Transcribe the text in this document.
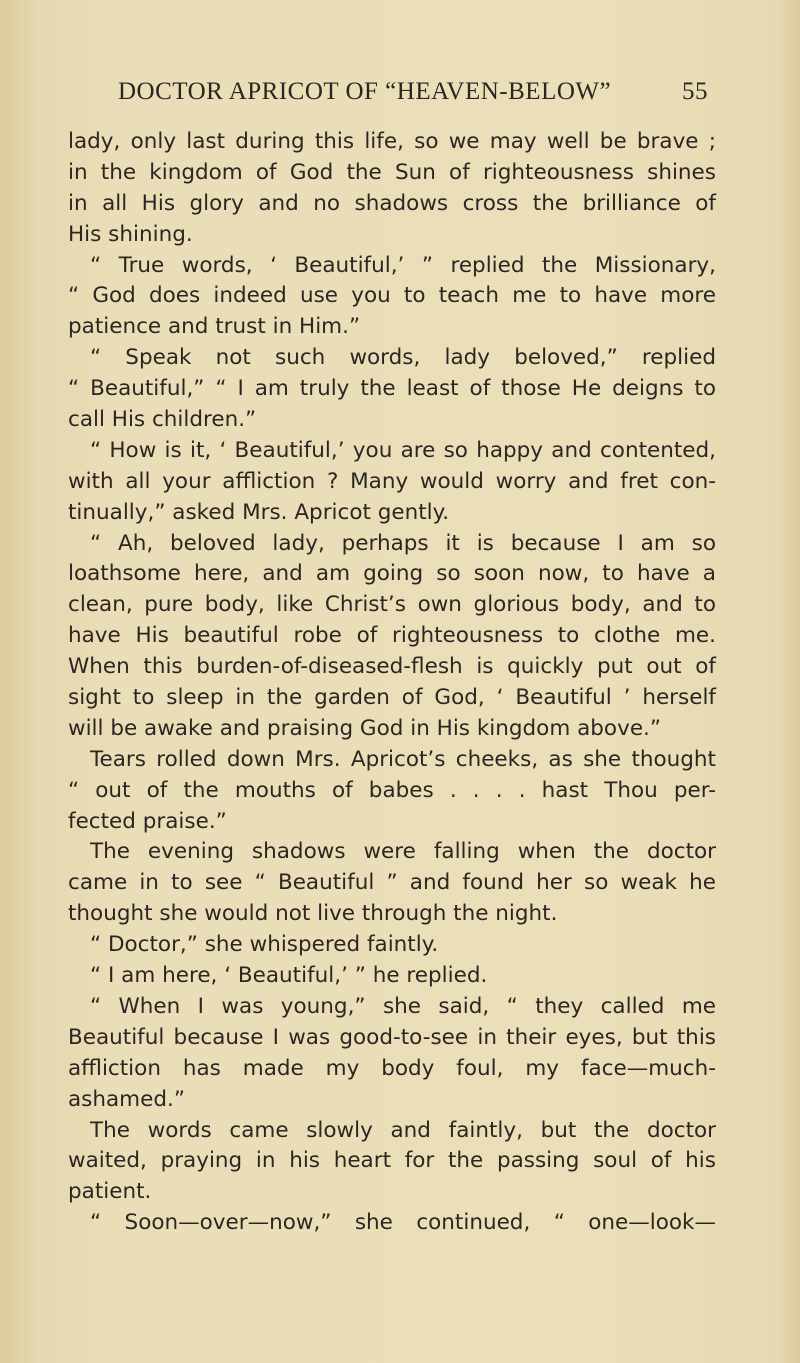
DOCTOR APRICOT OF “HEAVEN-BELOW”	55
lady, only last during this life, so we may well be brave ;
in the kingdom of God the Sun of righteousness shines
in all His glory and no shadows cross the brilliance of
His shining.
“ True words, ‘ Beautiful,’ ” replied the Missionary,
“ God does indeed use you to teach me to have more
patience and trust in Him.”
“ Speak not such words, lady beloved,” replied
“ Beautiful,” “ I am truly the least of those He deigns to
call His children.”
“ How is it, ‘ Beautiful,’ you are so happy and contented,
with all your affliction ? Many would worry and fret con-
tinually,” asked Mrs. Apricot gently.
“ Ah, beloved lady, perhaps it is because I am so
loathsome here, and am going so soon now, to have a
clean, pure body, like Christ’s own glorious body, and to
have His beautiful robe of righteousness to clothe me.
When this burden-of-diseased-flesh is quickly put out of
sight to sleep in the garden of God, ‘ Beautiful ’ herself
will be awake and praising God in His kingdom above.”
Tears rolled down Mrs. Apricot’s cheeks, as she thought
“ out of the mouths of babes . . . . hast Thou per-
fected praise.”
The evening shadows were falling when the doctor
came in to see “ Beautiful ” and found her so weak he
thought she would not live through the night.
“ Doctor,” she whispered faintly.
“ I am here, ‘ Beautiful,’ ” he replied.
“ When I was young,” she said, “ they called me
Beautiful because I was good-to-see in their eyes, but this
affliction has made my body foul, my face—much-
ashamed.”
The words came slowly and faintly, but the doctor
waited, praying in his heart for the passing soul of his
patient.
“ Soon—over—now,” she continued, “ one—look—
